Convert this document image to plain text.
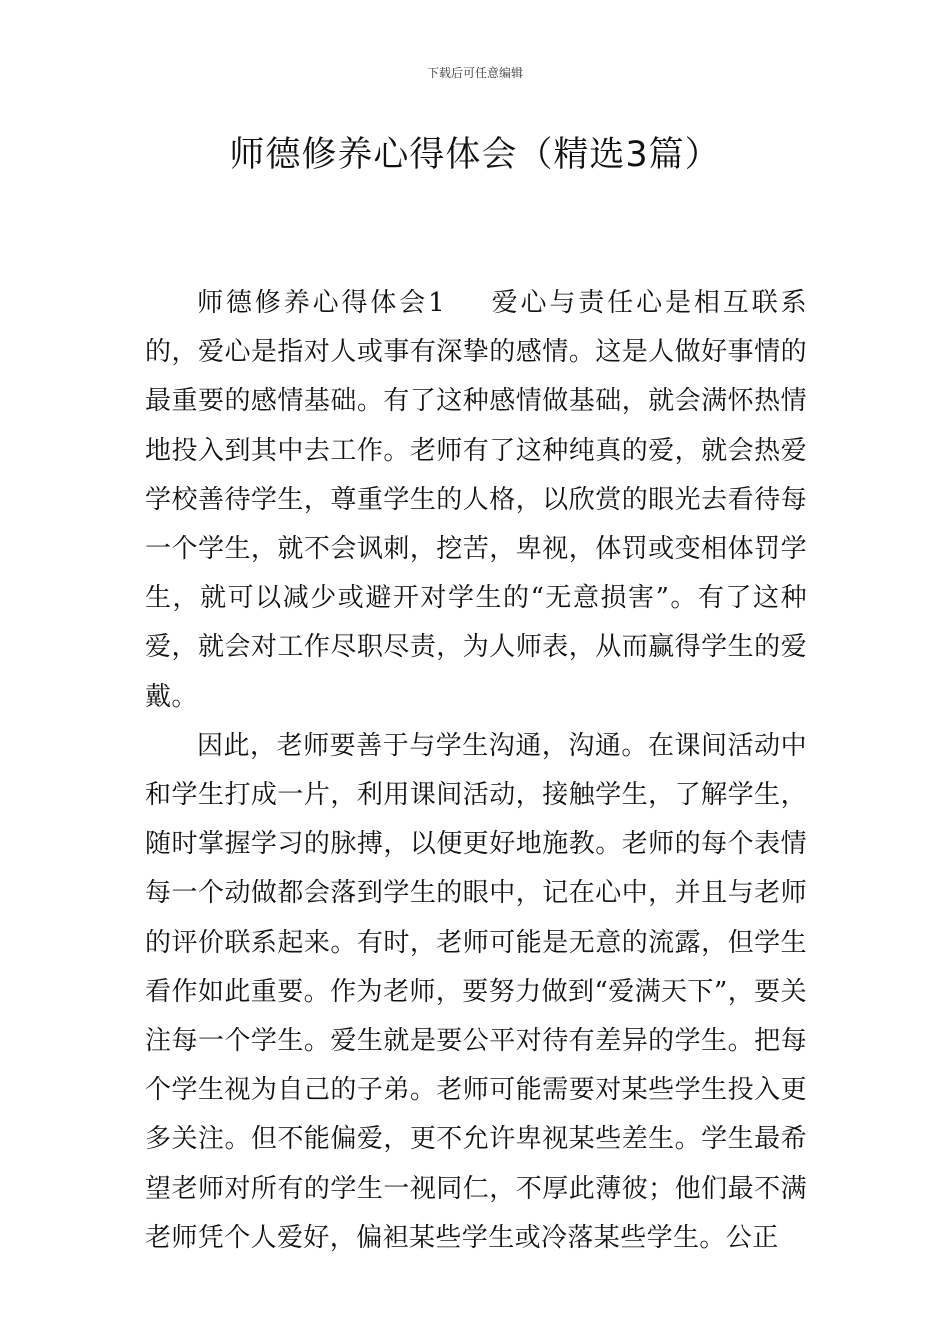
下载后可任意编辑
师德修养心得体会（精选3篇）

师德修养心得体会1 爱心与责任心是相互联系的，爱心是指对人或事有深挚的感情。这是人做好事情的最重要的感情基础。有了这种感情做基础，就会满怀热情地投入到其中去工作。老师有了这种纯真的爱，就会热爱学校善待学生，尊重学生的人格，以欣赏的眼光去看待每一个学生，就不会讽刺，挖苦，卑视，体罚或变相体罚学生，就可以减少或避开对学生的“无意损害”。有了这种爱，就会对工作尽职尽责，为人师表，从而赢得学生的爱戴。

因此，老师要善于与学生沟通，沟通。在课间活动中和学生打成一片，利用课间活动，接触学生，了解学生，随时掌握学习的脉搏，以便更好地施教。老师的每个表情每一个动做都会落到学生的眼中，记在心中，并且与老师的评价联系起来。有时，老师可能是无意的流露，但学生看作如此重要。作为老师，要努力做到“爱满天下”，要关注每一个学生。爱生就是要公平对待有差异的学生。把每个学生视为自己的子弟。老师可能需要对某些学生投入更多关注。但不能偏爱，更不允许卑视某些差生。学生最希望老师对所有的学生一视同仁，不厚此薄彼；他们最不满老师凭个人爱好，偏袒某些学生或冷落某些学生。公正
